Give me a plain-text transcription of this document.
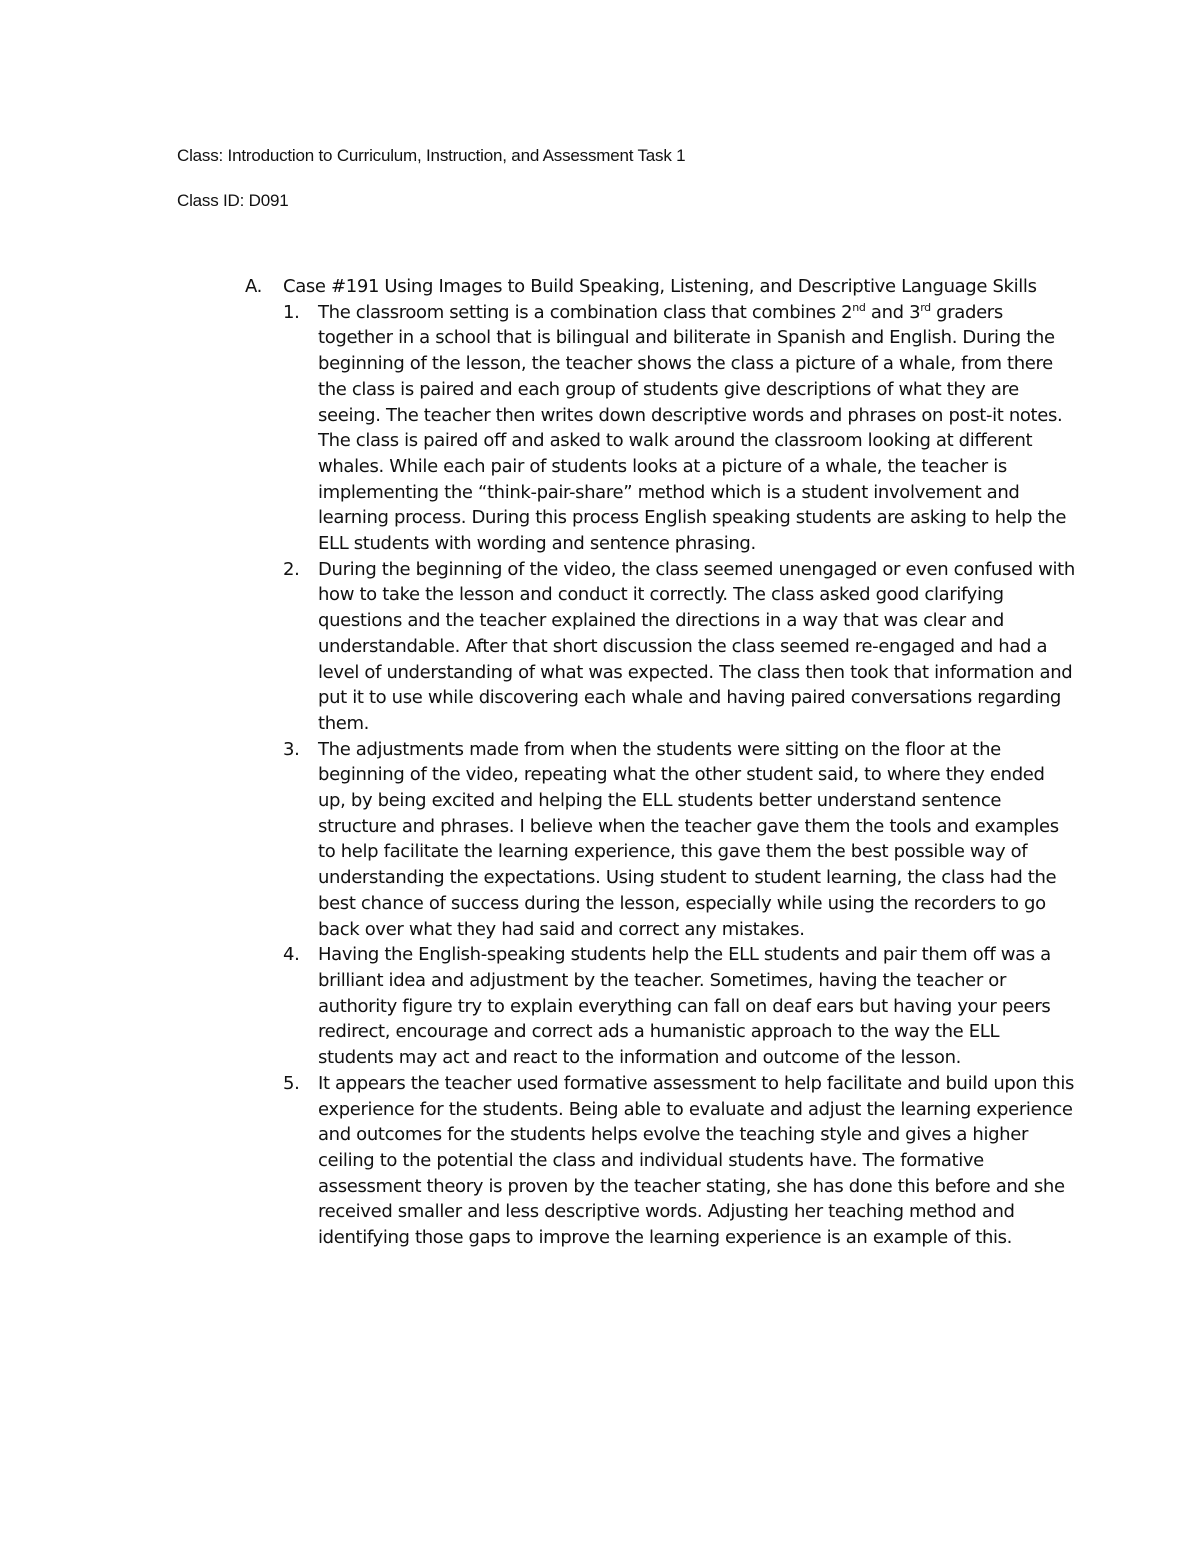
Class: Introduction to Curriculum, Instruction, and Assessment Task 1

Class ID: D091

A. Case #191 Using Images to Build Speaking, Listening, and Descriptive Language Skills
1. The classroom setting is a combination class that combines 2nd and 3rd graders together in a school that is bilingual and biliterate in Spanish and English. During the beginning of the lesson, the teacher shows the class a picture of a whale, from there the class is paired and each group of students give descriptions of what they are seeing. The teacher then writes down descriptive words and phrases on post-it notes. The class is paired off and asked to walk around the classroom looking at different whales. While each pair of students looks at a picture of a whale, the teacher is implementing the “think-pair-share” method which is a student involvement and learning process. During this process English speaking students are asking to help the ELL students with wording and sentence phrasing.
2. During the beginning of the video, the class seemed unengaged or even confused with how to take the lesson and conduct it correctly. The class asked good clarifying questions and the teacher explained the directions in a way that was clear and understandable. After that short discussion the class seemed re-engaged and had a level of understanding of what was expected. The class then took that information and put it to use while discovering each whale and having paired conversations regarding them.
3. The adjustments made from when the students were sitting on the floor at the beginning of the video, repeating what the other student said, to where they ended up, by being excited and helping the ELL students better understand sentence structure and phrases. I believe when the teacher gave them the tools and examples to help facilitate the learning experience, this gave them the best possible way of understanding the expectations. Using student to student learning, the class had the best chance of success during the lesson, especially while using the recorders to go back over what they had said and correct any mistakes.
4. Having the English-speaking students help the ELL students and pair them off was a brilliant idea and adjustment by the teacher. Sometimes, having the teacher or authority figure try to explain everything can fall on deaf ears but having your peers redirect, encourage and correct ads a humanistic approach to the way the ELL students may act and react to the information and outcome of the lesson.
5. It appears the teacher used formative assessment to help facilitate and build upon this experience for the students. Being able to evaluate and adjust the learning experience and outcomes for the students helps evolve the teaching style and gives a higher ceiling to the potential the class and individual students have. The formative assessment theory is proven by the teacher stating, she has done this before and she received smaller and less descriptive words. Adjusting her teaching method and identifying those gaps to improve the learning experience is an example of this.
